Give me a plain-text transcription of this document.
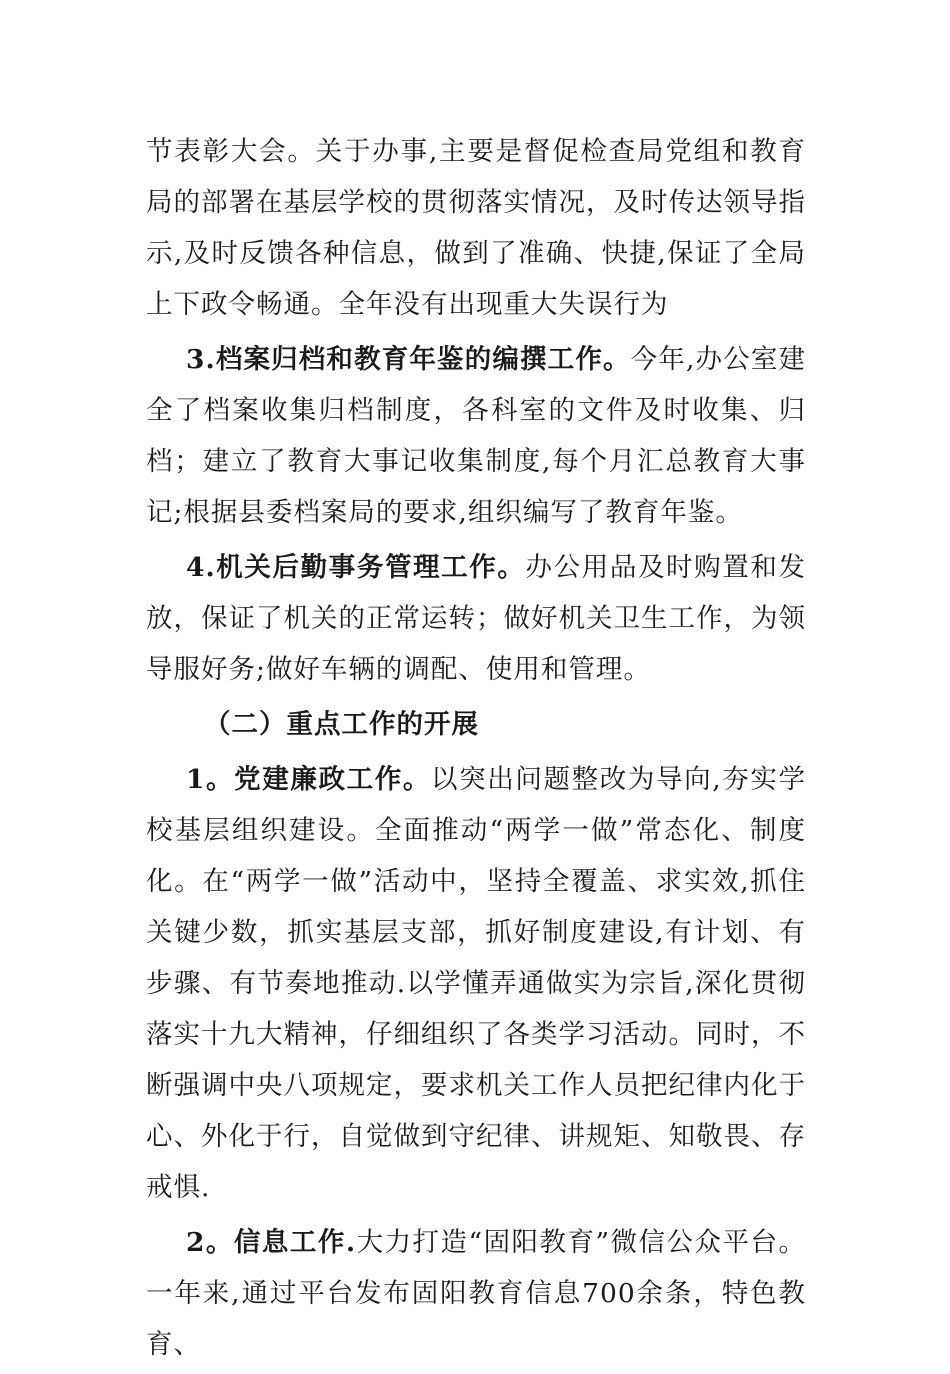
节表彰大会。关于办事,主要是督促检查局党组和教育局的部署在基层学校的贯彻落实情况，及时传达领导指示,及时反馈各种信息，做到了准确、快捷,保证了全局上下政令畅通。全年没有出现重大失误行为

3.档案归档和教育年鉴的编撰工作。今年,办公室建全了档案收集归档制度，各科室的文件及时收集、归档；建立了教育大事记收集制度,每个月汇总教育大事记;根据县委档案局的要求,组织编写了教育年鉴。

4.机关后勤事务管理工作。办公用品及时购置和发放，保证了机关的正常运转；做好机关卫生工作，为领导服好务;做好车辆的调配、使用和管理。

（二）重点工作的开展

1。党建廉政工作。以突出问题整改为导向,夯实学校基层组织建设。全面推动“两学一做”常态化、制度化。在“两学一做”活动中，坚持全覆盖、求实效,抓住关键少数，抓实基层支部，抓好制度建设,有计划、有步骤、有节奏地推动.以学懂弄通做实为宗旨,深化贯彻落实十九大精神，仔细组织了各类学习活动。同时，不断强调中央八项规定，要求机关工作人员把纪律内化于心、外化于行，自觉做到守纪律、讲规矩、知敬畏、存戒惧.

2。信息工作.大力打造“固阳教育”微信公众平台。一年来,通过平台发布固阳教育信息700余条，特色教育、
